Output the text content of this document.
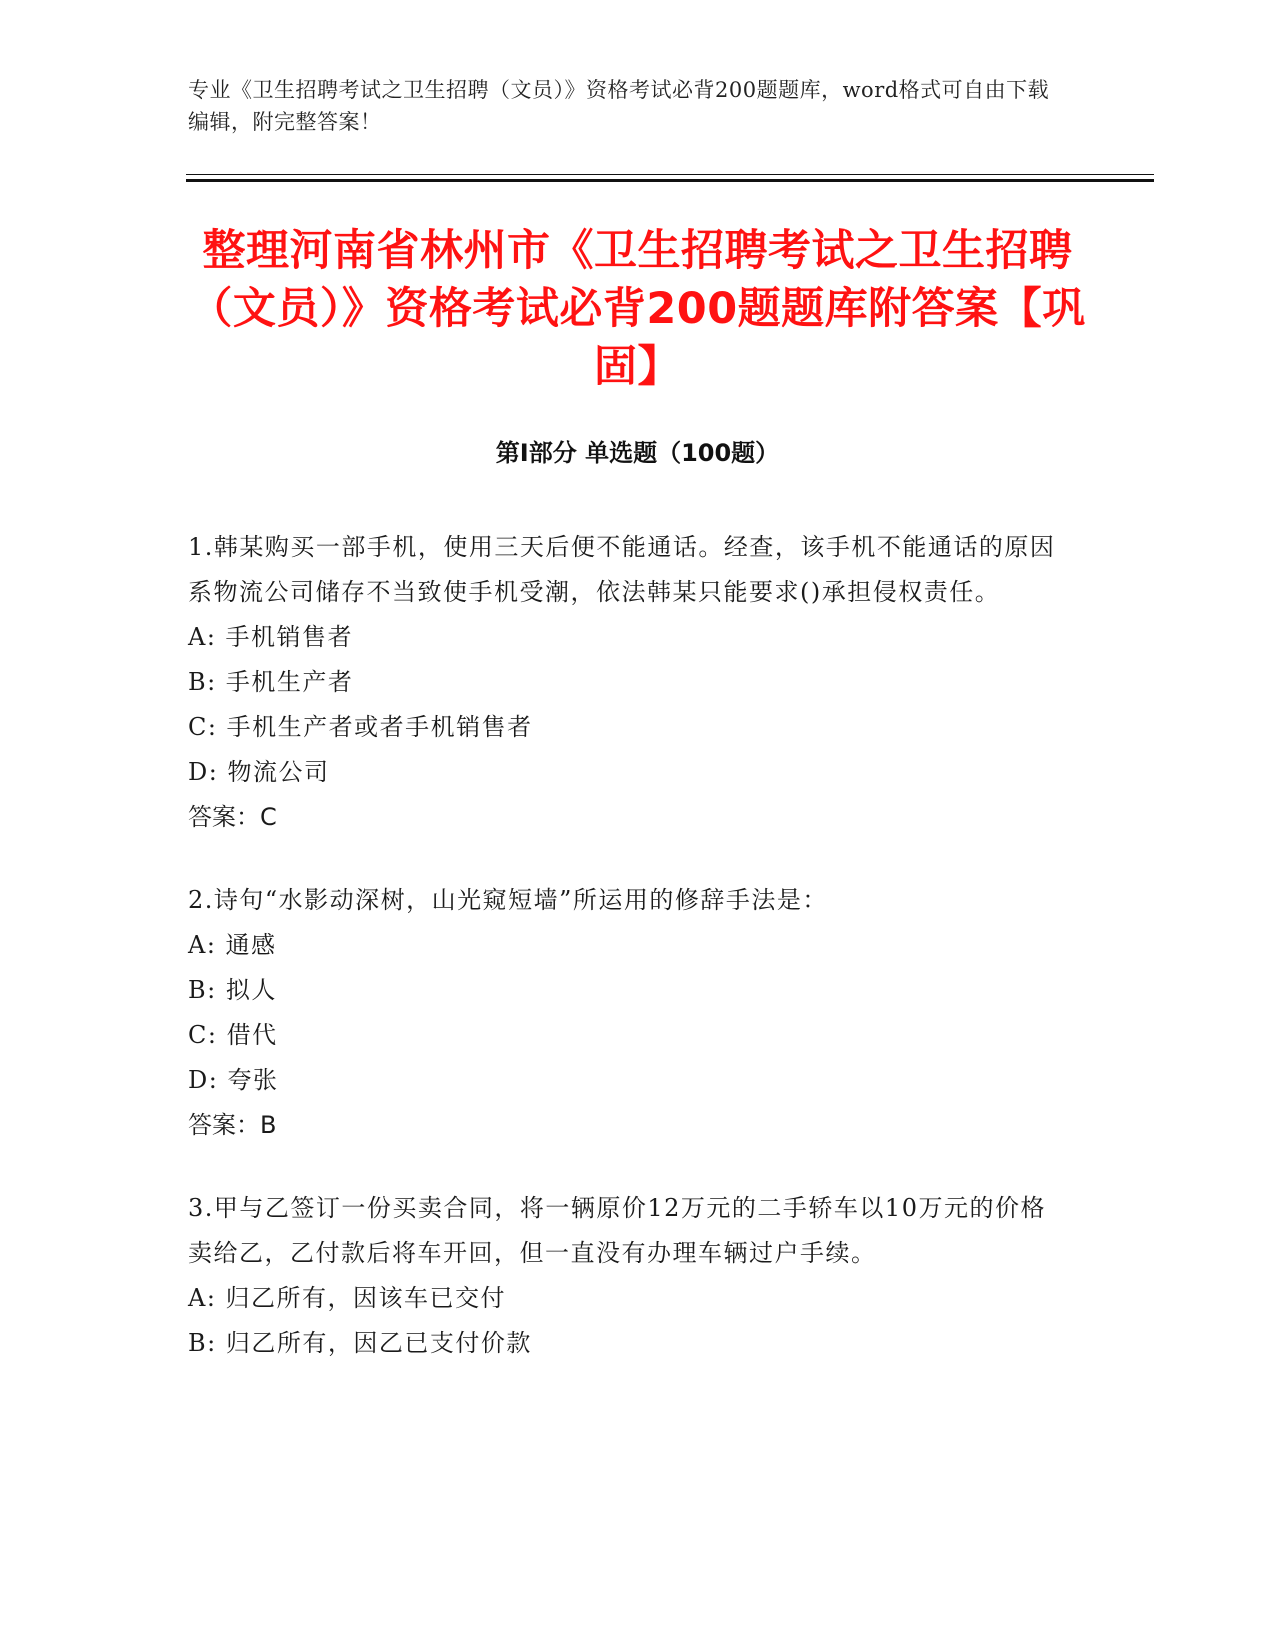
专业《卫生招聘考试之卫生招聘（文员）》资格考试必背200题题库，word格式可自由下载编辑，附完整答案！
整理河南省林州市《卫生招聘考试之卫生招聘（文员）》资格考试必背200题题库附答案【巩固】
第Ⅰ部分 单选题（100题）

1.韩某购买一部手机，使用三天后便不能通话。经查，该手机不能通话的原因系物流公司储存不当致使手机受潮，依法韩某只能要求()承担侵权责任。

A: 手机销售者

B: 手机生产者

C: 手机生产者或者手机销售者

D: 物流公司

答案：C

2.诗句“水影动深树，山光窥短墙”所运用的修辞手法是：

A: 通感

B: 拟人

C: 借代

D: 夸张

答案：B

3.甲与乙签订一份买卖合同，将一辆原价12万元的二手轿车以10万元的价格卖给乙，乙付款后将车开回，但一直没有办理车辆过户手续。

A: 归乙所有，因该车已交付

B: 归乙所有，因乙已支付价款
